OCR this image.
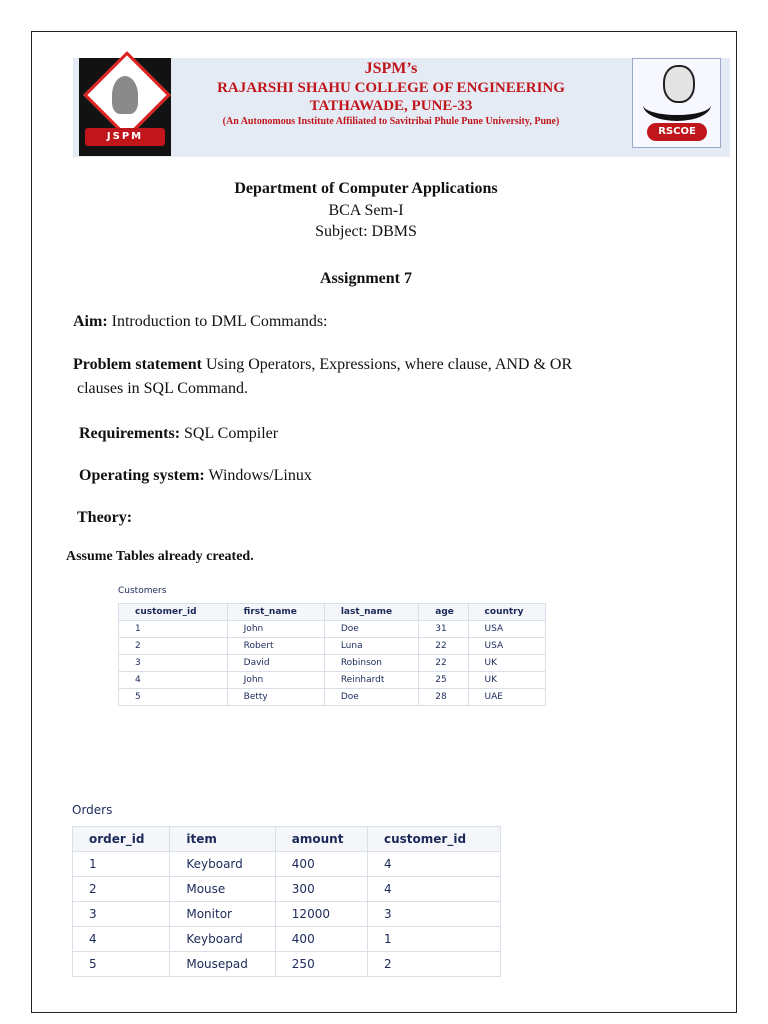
JSPM
JSPM’s
RAJARSHI SHAHU COLLEGE OF ENGINEERING
TATHAWADE, PUNE-33
(An Autonomous Institute Affiliated to Savitribai Phule Pune University, Pune)
RSCOE
Department of Computer Applications
BCA Sem-I
Subject: DBMS
Assignment 7
Aim: Introduction to DML Commands:
Problem statement Using Operators, Expressions, where clause, AND & OR
clauses in SQL Command.
Requirements: SQL Compiler
Operating system: Windows/Linux
Theory:
Assume Tables already created.
Customers
customer_id	first_name	last_name	age	country
1	John	Doe	31	USA
2	Robert	Luna	22	USA
3	David	Robinson	22	UK
4	John	Reinhardt	25	UK
5	Betty	Doe	28	UAE
Orders
order_id	item	amount	customer_id
1	Keyboard	400	4
2	Mouse	300	4
3	Monitor	12000	3
4	Keyboard	400	1
5	Mousepad	250	2
